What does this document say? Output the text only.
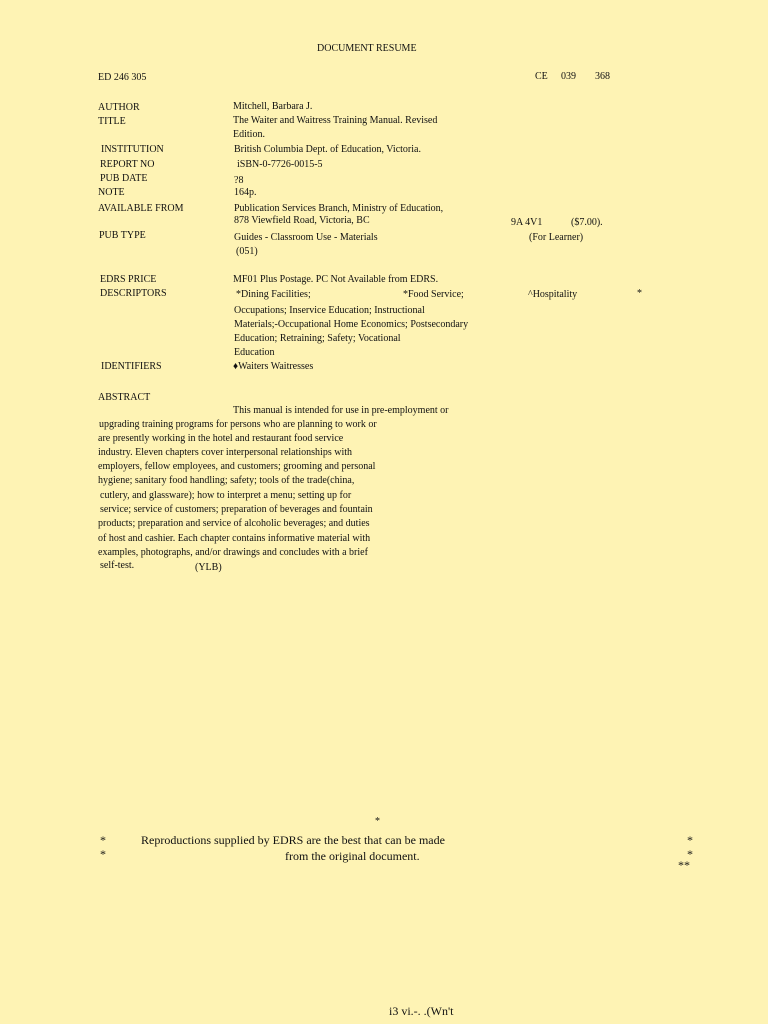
DOCUMENT RESUME
ED 246 305	CE 039 368
AUTHOR	Mitchell, Barbara J.
TITLE	The Waiter and Waitress Training Manual. Revised
Edition.
INSTITUTION	British Columbia Dept. of Education, Victoria.
REPORT NO	iSBN-0-7726-0015-5
PUB DATE	?8
NOTE	164p.
AVAILABLE FROM	Publication Services Branch, Ministry of Education,
878 Viewfield Road, Victoria, BC	9A 4V1	($7.00).
PUB TYPE	Guides - Classroom Use - Materials
(051)
(For Learner)
EDRS PRICE	MF01 Plus Postage. PC Not Available from EDRS.
DESCRIPTORS	*Dining Facilities;	*Food Service;	^Hospitality	*
Occupations; Inservice Education; Instructional
Materials;-Occupational Home Economics; Postsecondary
Education; Retraining; Safety; Vocational
Education
IDENTIFIERS	♦Waiters Waitresses
ABSTRACT
This manual is intended for use in pre-employment or
upgrading training programs for persons who are planning to work or
are presently working in the hotel and restaurant food service
industry. Eleven chapters cover interpersonal relationships with
employers, fellow employees, and customers; grooming and personal
hygiene; sanitary food handling; safety; tools of the trade(china,
cutlery, and glassware); how to interpret a menu; setting up for
service; service of customers; preparation of beverages and fountain
products; preparation and service of alcoholic beverages; and duties
of host and cashier. Each chapter contains informative material with
examples, photographs, and/or drawings and concludes with a brief
self-test.	(YLB)
*
*
*
Reproductions supplied by EDRS are the best that can be made
from the original document.
*
*
**
i3 vi.-. .(Wn't
